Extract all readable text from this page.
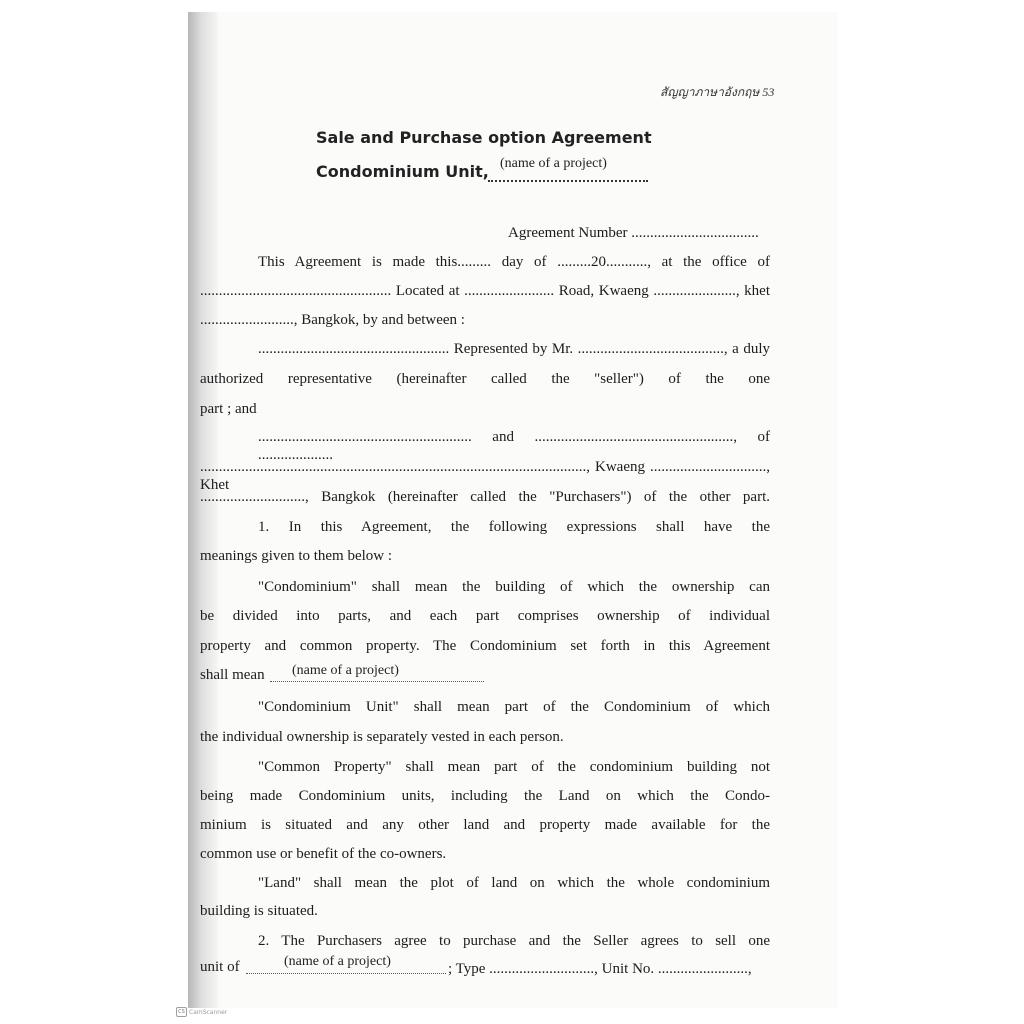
สัญญาภาษาอังกฤษ 53
Sale and Purchase option Agreement
Condominium Unit, (name of a project)
Agreement Number ..................................
This Agreement is made this......... day of .........20..........., at the office of
................................................... Located at ........................ Road, Kwaeng ......................, khet
........................., Bangkok, by and between :
................................................... Represented by Mr. ......................................., a duly
authorized representative (hereinafter called the "seller") of the one
part ; and
......................................................... and ....................................................., of ....................
......................................................................................................., Kwaeng ..............................., Khet
............................, Bangkok (hereinafter called the "Purchasers") of the other part.
1. In this Agreement, the following expressions shall have the
meanings given to them below :
"Condominium" shall mean the building of which the ownership can
be divided into parts, and each part comprises ownership of individual
property and common property. The Condominium set forth in this Agreement
shall mean (name of a project)
"Condominium Unit" shall mean part of the Condominium of which
the individual ownership is separately vested in each person.
"Common Property" shall mean part of the condominium building not
being made Condominium units, including the Land on which the Condo-
minium is situated and any other land and property made available for the
common use or benefit of the co-owners.
"Land" shall mean the plot of land on which the whole condominium
building is situated.
2. The Purchasers agree to purchase and the Seller agrees to sell one
unit of	(name of a project)	; Type ............................, Unit No. ........................,
CS CamScanner
